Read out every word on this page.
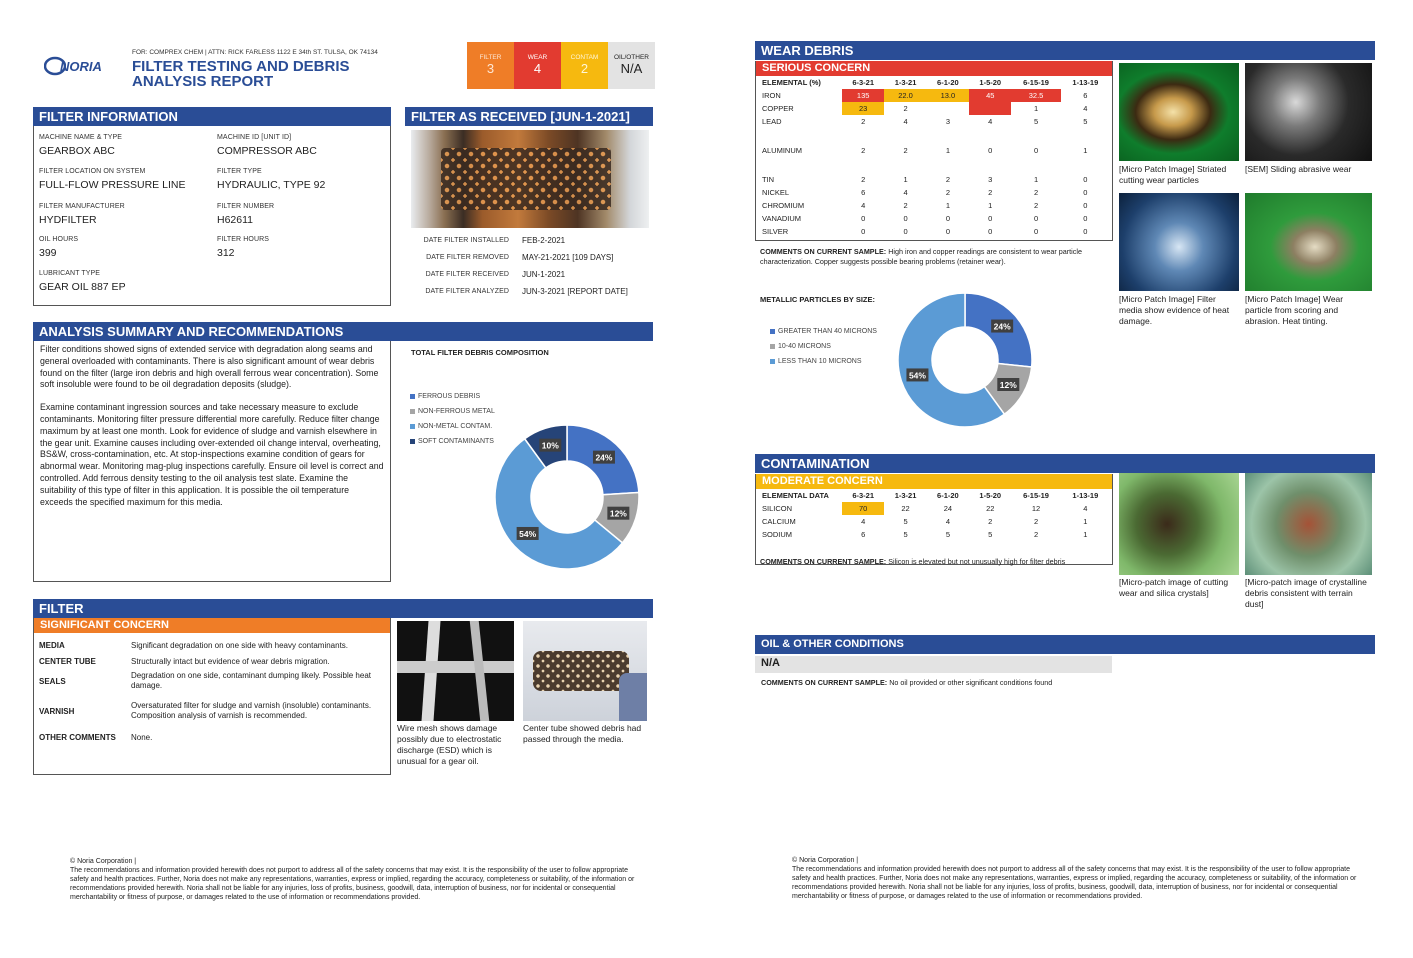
NORIA
FOR: COMPREX CHEM | ATTN: RICK FARLESS 1122 E 34th ST. TULSA, OK 74134
FILTER TESTING AND DEBRIS
ANALYSIS REPORT
FILTER
3
WEAR
4
CONTAM
2
OIL/OTHER
N/A
FILTER INFORMATION
MACHINE NAME & TYPE
GEARBOX ABC
MACHINE ID [UNIT ID]
COMPRESSOR ABC
FILTER LOCATION ON SYSTEM
FULL-FLOW PRESSURE LINE
FILTER TYPE
HYDRAULIC, TYPE 92
FILTER MANUFACTURER
HYDFILTER
FILTER NUMBER
H62611
OIL HOURS
399
FILTER HOURS
312
LUBRICANT TYPE
GEAR OIL 887 EP
FILTER AS RECEIVED [JUN-1-2021]
DATE FILTER INSTALLED FEB-2-2021
DATE FILTER REMOVED MAY-21-2021 [109 DAYS]
DATE FILTER RECEIVED JUN-1-2021
DATE FILTER ANALYZED JUN-3-2021 [REPORT DATE]
ANALYSIS SUMMARY AND RECOMMENDATIONS

Filter conditions showed signs of extended service with degradation along seams and general overloaded with contaminants. There is also significant amount of wear debris found on the filter (large iron debris and high overall ferrous wear concentration). Some soft insoluble were found to be oil degradation deposits (sludge).

Examine contaminant ingression sources and take necessary measure to exclude contaminants. Monitoring filter pressure differential more carefully. Reduce filter change maximum by at least one month. Look for evidence of sludge and varnish elsewhere in the gear unit. Examine causes including over-extended oil change interval, overheating, BS&W, cross-contamination, etc. At stop-inspections examine condition of gears for abnormal wear. Monitoring mag-plug inspections carefully. Ensure oil level is correct and controlled. Add ferrous density testing to the oil analysis test slate. Examine the suitability of this type of filter in this application. It is possible the oil temperature exceeds the specified maximum for this media.

TOTAL FILTER DEBRIS COMPOSITION
FERROUS DEBRIS
NON-FERROUS METAL
NON-METAL CONTAM.
SOFT CONTAMINANTS
24%
12%
54%
10%
FILTER
SIGNIFICANT CONCERN
MEDIA	Significant degradation on one side with heavy contaminants.
CENTER TUBE	Structurally intact but evidence of wear debris migration.
SEALS	Degradation on one side, contaminant dumping likely. Possible heat damage.
VARNISH	Oversaturated filter for sludge and varnish (insoluble) contaminants. Composition analysis of varnish is recommended.
OTHER COMMENTS	None.
Wire mesh shows damage possibly due to electrostatic discharge (ESD) which is unusual for a gear oil.
Center tube showed debris had passed through the media.
© Noria Corporation |
The recommendations and information provided herewith does not purport to address all of the safety concerns that may exist. It is the responsibility of the user to follow appropriate safety and health practices. Further, Noria does not make any representations, warranties, express or implied, regarding the accuracy, completeness or suitability, of the information or recommendations provided herewith. Noria shall not be liable for any injuries, loss of profits, business, goodwill, data, interruption of business, nor for incidental or consequential merchantability or fitness of purpose, or damages related to the use of information or recommendations provided.
WEAR DEBRIS
SERIOUS CONCERN
ELEMENTAL (%)	6-3-21	1-3-21	6-1-20	1-5-20	6-15-19	1-13-19
IRON	135	22.0	13.0	45	32.5	6
COPPER	23	2			1	4
LEAD	2	4	3	4	5	5

ALUMINUM	2	2	1	0	0	1

TIN	2	1	2	3	1	0
NICKEL	6	4	2	2	2	0
CHROMIUM	4	2	1	1	2	0
VANADIUM	0	0	0	0	0	0
SILVER	0	0	0	0	0	0
COMMENTS ON CURRENT SAMPLE: High iron and copper readings are consistent to wear particle characterization. Copper suggests possible bearing problems (retainer wear).
[Micro Patch Image] Striated cutting wear particles
[SEM] Sliding abrasive wear
[Micro Patch Image] Filter media show evidence of heat damage.
[Micro Patch Image] Wear particle from scoring and abrasion. Heat tinting.
METALLIC PARTICLES BY SIZE:
GREATER THAN 40 MICRONS
10-40 MICRONS
LESS THAN 10 MICRONS
24%
12%
54%
CONTAMINATION
MODERATE CONCERN
ELEMENTAL DATA	6-3-21	1-3-21	6-1-20	1-5-20	6-15-19	1-13-19
SILICON	70	22	24	22	12	4
CALCIUM	4	5	4	2	2	1
SODIUM	6	5	5	5	2	1
COMMENTS ON CURRENT SAMPLE: Silicon is elevated but not unusually high for filter debris
[Micro-patch image of cutting wear and silica crystals]
[Micro-patch image of crystalline debris consistent with terrain dust]
OIL & OTHER CONDITIONS
N/A
COMMENTS ON CURRENT SAMPLE: No oil provided or other significant conditions found
© Noria Corporation |
The recommendations and information provided herewith does not purport to address all of the safety concerns that may exist. It is the responsibility of the user to follow appropriate safety and health practices. Further, Noria does not make any representations, warranties, express or implied, regarding the accuracy, completeness or suitability, of the information or recommendations provided herewith. Noria shall not be liable for any injuries, loss of profits, business, goodwill, data, interruption of business, nor for incidental or consequential merchantability or fitness of purpose, or damages related to the use of information or recommendations provided.
